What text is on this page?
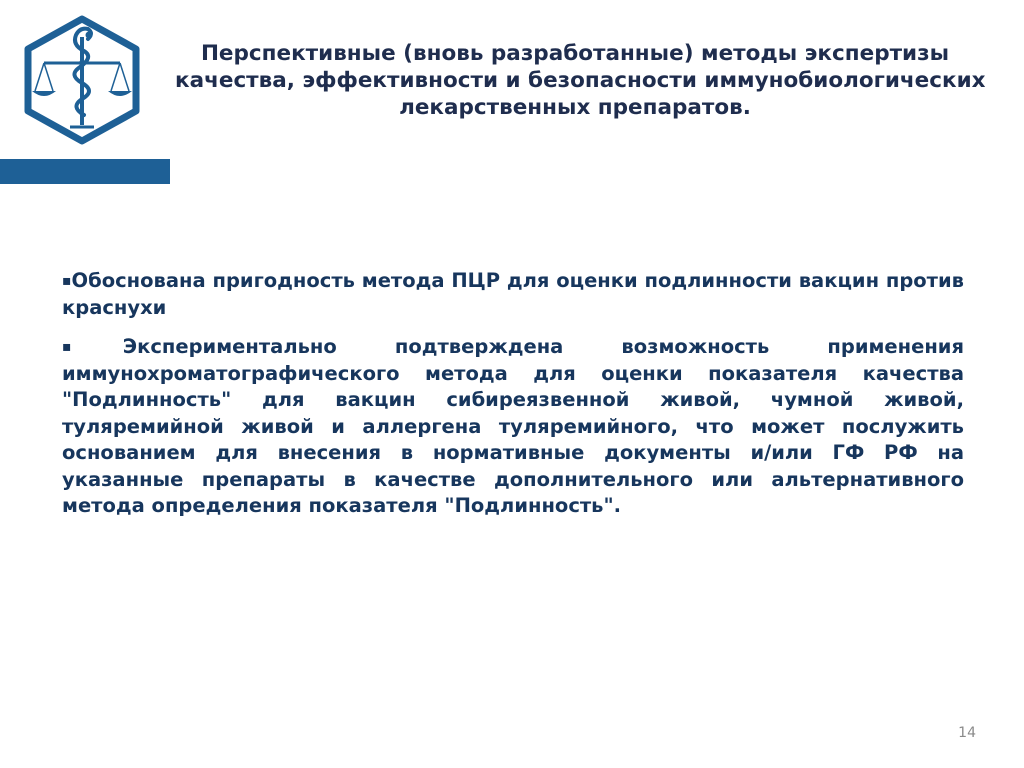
Перспективные (вновь разработанные) методы экспертизы
качества, эффективности и безопасности иммунобиологических
лекарственных препаратов.

▪Обоснована пригодность метода ПЦР для оценки подлинности вакцин против краснухи

▪Экспериментально подтверждена возможность применения иммунохроматографического метода для оценки показателя качества "Подлинность" для вакцин сибиреязвенной живой, чумной живой, туляремийной живой и аллергена туляремийного, что может послужить основанием для внесения в нормативные документы и/или ГФ РФ на указанные препараты в качестве дополнительного или альтернативного метода определения показателя "Подлинность".

14
